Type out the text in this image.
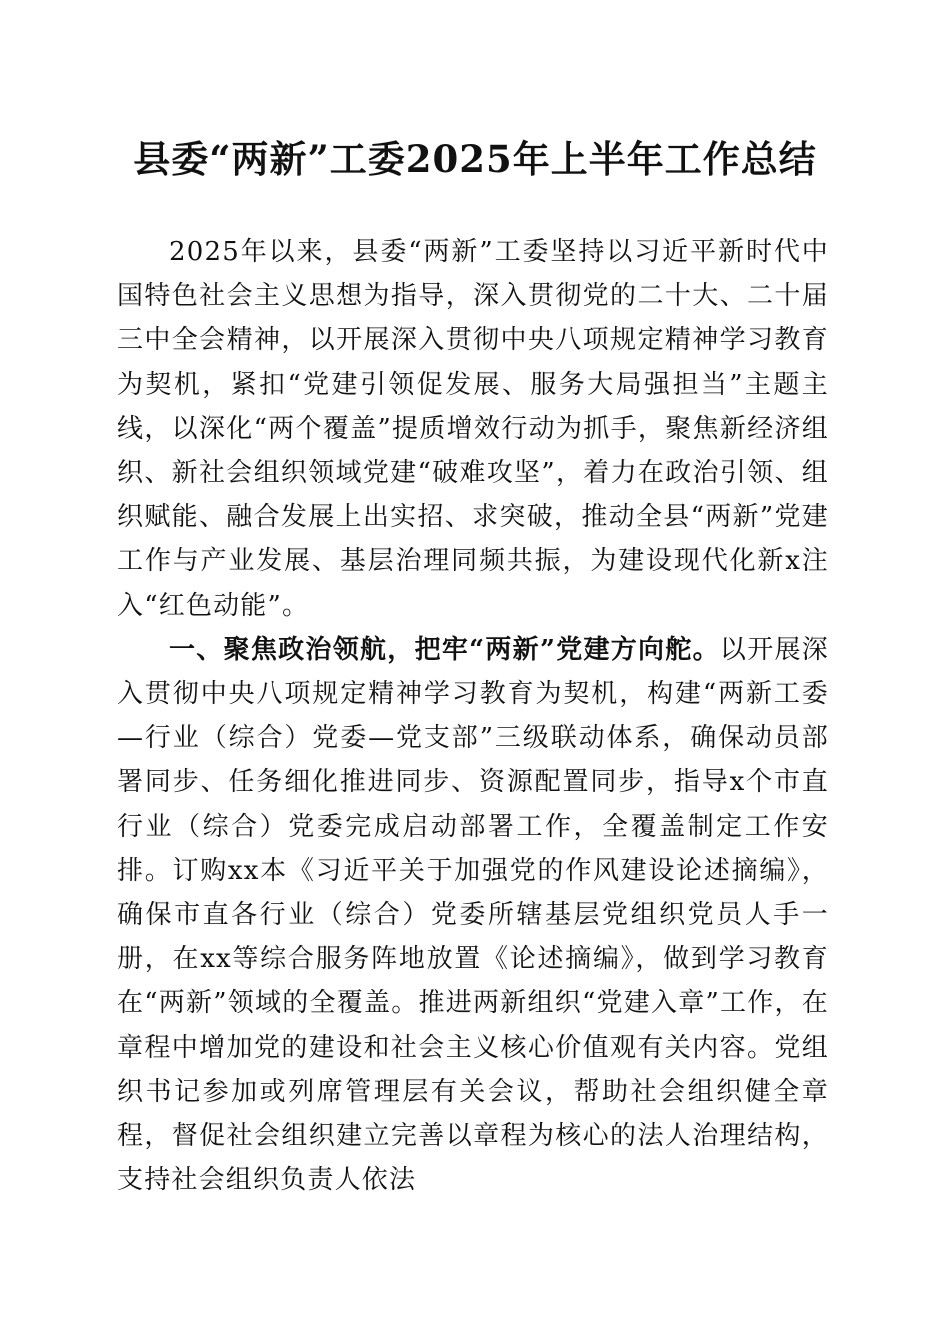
县委“两新”工委2025年上半年工作总结

2025年以来，县委“两新”工委坚持以习近平新时代中国特色社会主义思想为指导，深入贯彻党的二十大、二十届三中全会精神，以开展深入贯彻中央八项规定精神学习教育为契机，紧扣“党建引领促发展、服务大局强担当”主题主线，以深化“两个覆盖”提质增效行动为抓手，聚焦新经济组织、新社会组织领域党建“破难攻坚”，着力在政治引领、组织赋能、融合发展上出实招、求突破，推动全县“两新”党建工作与产业发展、基层治理同频共振，为建设现代化新x注入“红色动能”。

一、聚焦政治领航，把牢“两新”党建方向舵。以开展深入贯彻中央八项规定精神学习教育为契机，构建“两新工委—行业（综合）党委—党支部”三级联动体系，确保动员部署同步、任务细化推进同步、资源配置同步，指导x个市直行业（综合）党委完成启动部署工作，全覆盖制定工作安排。订购xx本《习近平关于加强党的作风建设论述摘编》，确保市直各行业（综合）党委所辖基层党组织党员人手一册，在xx等综合服务阵地放置《论述摘编》，做到学习教育在“两新”领域的全覆盖。推进两新组织“党建入章”工作，在章程中增加党的建设和社会主义核心价值观有关内容。党组织书记参加或列席管理层有关会议，帮助社会组织健全章程，督促社会组织建立完善以章程为核心的法人治理结构，支持社会组织负责人依法
